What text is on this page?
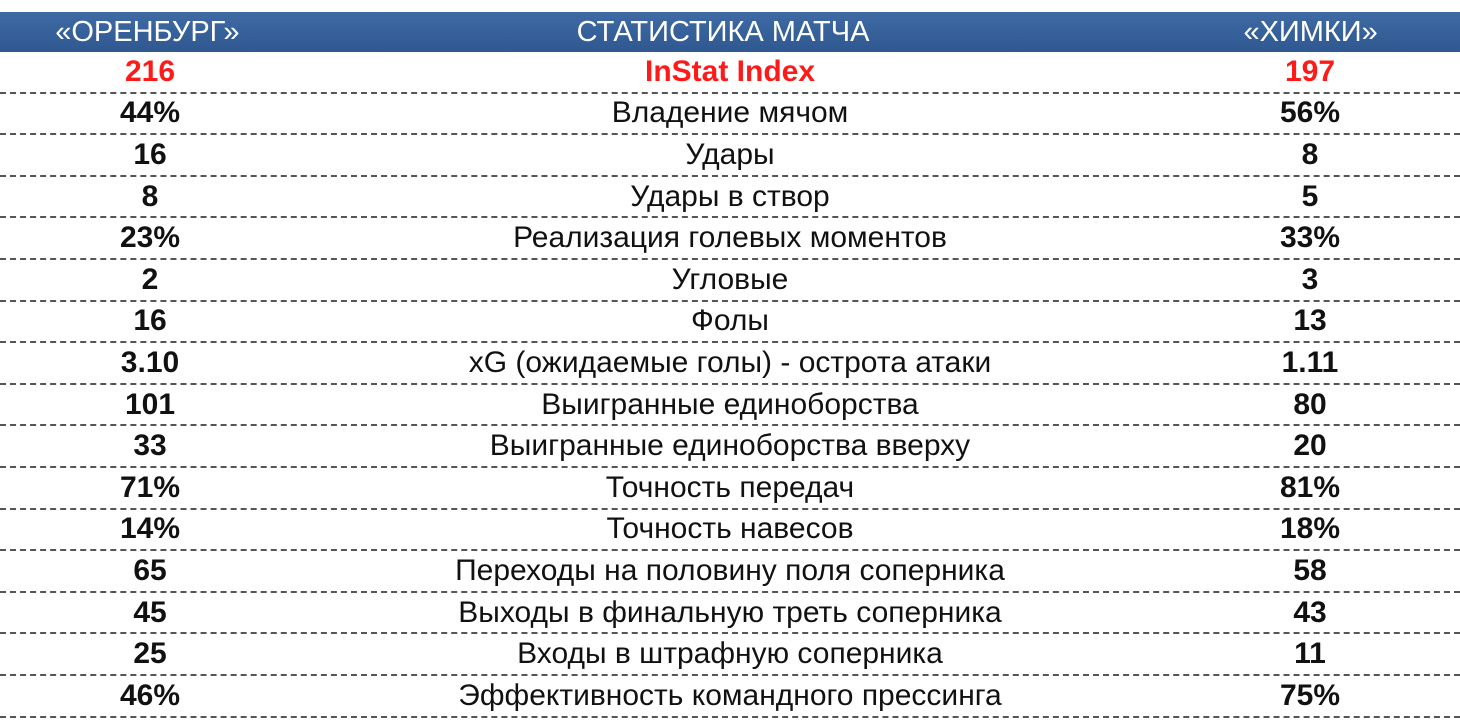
«ОРЕНБУРГ»	СТАТИСТИКА МАТЧА	«ХИМКИ»
216	InStat Index	197
44%	Владение мячом	56%
16	Удары	8
8	Удары в створ	5
23%	Реализация голевых моментов	33%
2	Угловые	3
16	Фолы	13
3.10	xG (ожидаемые голы) - острота атаки	1.11
101	Выигранные единоборства	80
33	Выигранные единоборства вверху	20
71%	Точность передач	81%
14%	Точность навесов	18%
65	Переходы на половину поля соперника	58
45	Выходы в финальную треть соперника	43
25	Входы в штрафную соперника	11
46%	Эффективность командного прессинга	75%
